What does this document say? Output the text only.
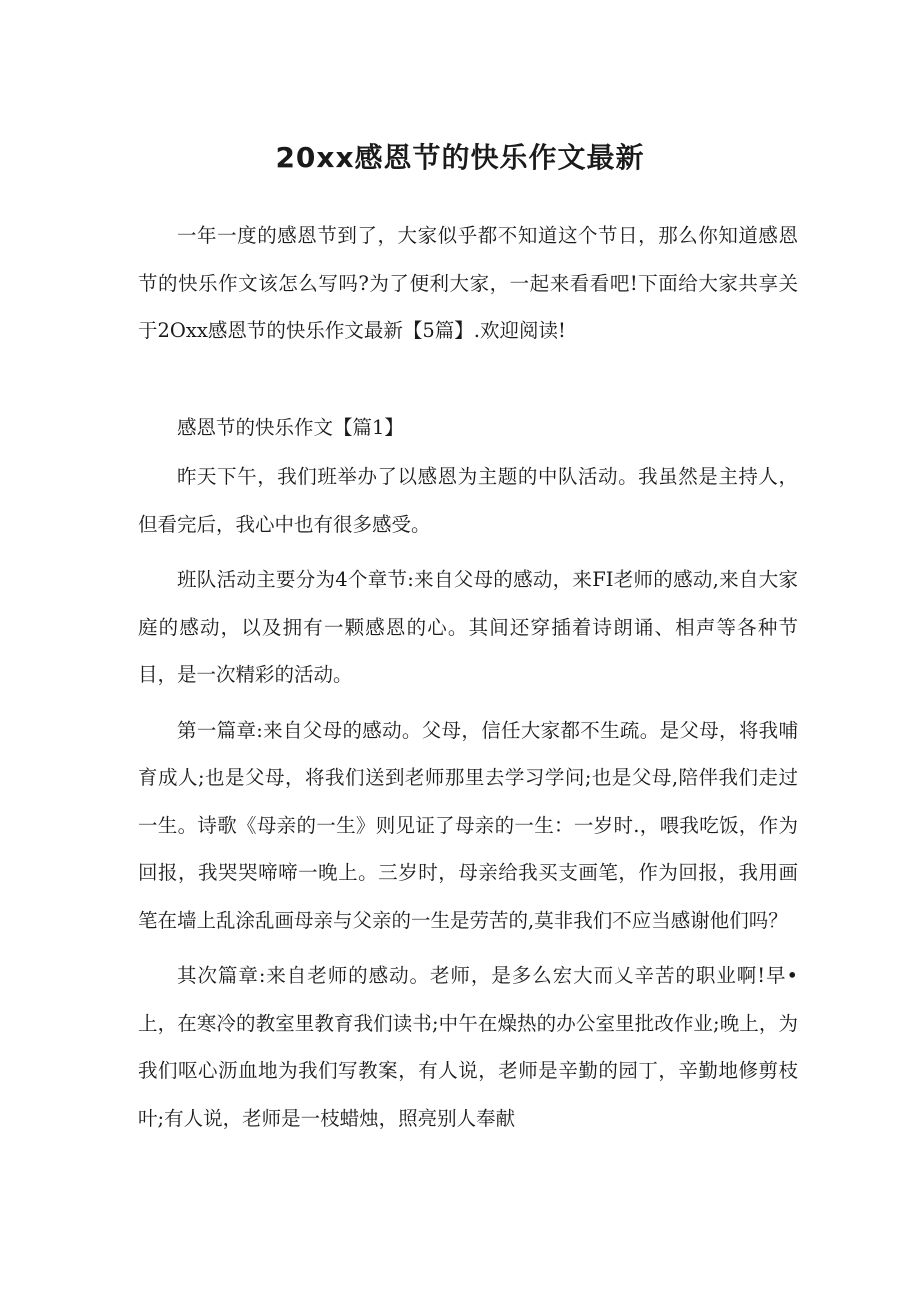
20xx感恩节的快乐作文最新

一年一度的感恩节到了，大家似乎都不知道这个节日，那么你知道感恩节的快乐作文该怎么写吗?为了便利大家，一起来看看吧!下面给大家共享关于2Oxx感恩节的快乐作文最新【5篇】.欢迎阅读!

感恩节的快乐作文【篇1】

昨天下午，我们班举办了以感恩为主题的中队活动。我虽然是主持人，但看完后，我心中也有很多感受。

班队活动主要分为4个章节:来自父母的感动，来FI老师的感动,来自大家庭的感动，以及拥有一颗感恩的心。其间还穿插着诗朗诵、相声等各种节目，是一次精彩的活动。

第一篇章:来自父母的感动。父母，信任大家都不生疏。是父母，将我哺育成人;也是父母，将我们送到老师那里去学习学问;也是父母,陪伴我们走过一生。诗歌《母亲的一生》则见证了母亲的一生：一岁时.，喂我吃饭，作为回报，我哭哭啼啼一晚上。三岁时，母亲给我买支画笔，作为回报，我用画笔在墙上乱涂乱画母亲与父亲的一生是劳苦的,莫非我们不应当感谢他们吗？

其次篇章:来自老师的感动。老师，是多么宏大而乂辛苦的职业啊!早•上，在寒冷的教室里教育我们读书;中午在燥热的办公室里批改作业;晚上，为我们呕心沥血地为我们写教案，有人说，老师是辛勤的园丁，辛勤地修剪枝叶;有人说，老师是一枝蜡烛，照亮别人奉献
